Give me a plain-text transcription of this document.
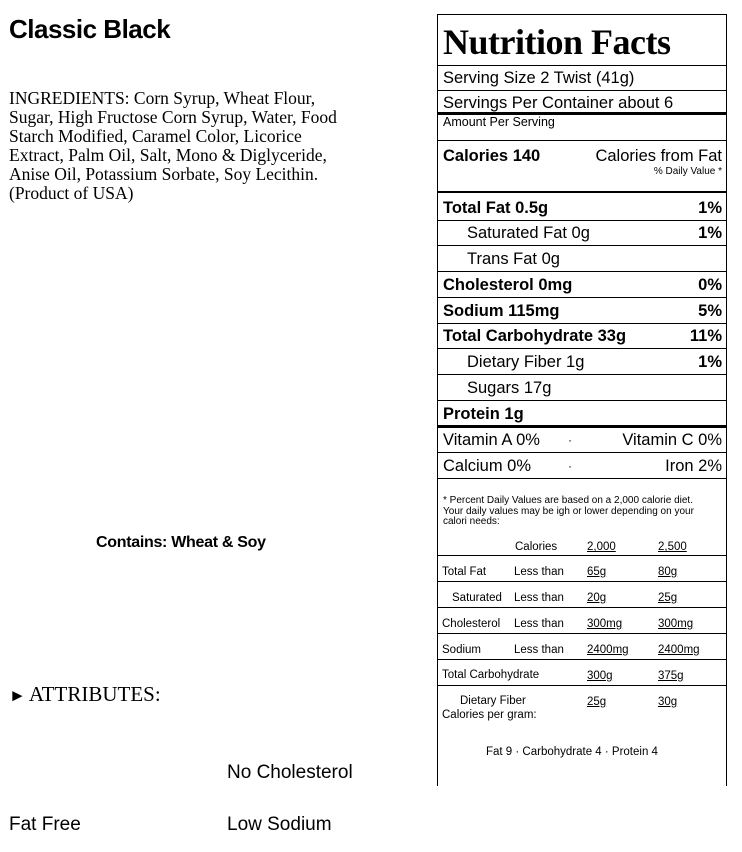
Classic Black
INGREDIENTS: Corn Syrup, Wheat Flour, Sugar, High Fructose Corn Syrup, Water, Food Starch Modified, Caramel Color, Licorice Extract, Palm Oil, Salt, Mono & Diglyceride, Anise Oil, Potassium Sorbate, Soy Lecithin. (Product of USA)
Contains: Wheat & Soy
► ATTRIBUTES:
No Cholesterol
Fat Free	Low Sodium
Nutrition Facts
Serving Size 2 Twist (41g)
Servings Per Container about 6
Amount Per Serving
Calories 140	Calories from Fat
% Daily Value *
Total Fat 0.5g	1%
Saturated Fat 0g	1%
Trans Fat 0g
Cholesterol 0mg	0%
Sodium 115mg	5%
Total Carbohydrate 33g	11%
Dietary Fiber 1g	1%
Sugars 17g
Protein 1g
Vitamin A 0% ·	Vitamin C 0%
Calcium 0%	·	Iron 2%
* Percent Daily Values are based on a 2,000 calorie diet.
Your daily values may be igh or lower depending on your
calori needs:
Calories	2,000	2,500
Total Fat Less than 65g	80g
Saturated Less than 20g	25g
Cholesterol Less than 300mg	300mg
Sodium	Less than 2400mg	2400mg
Total Carbohydrate	300g	375g
Dietary Fiber	25g	30g
Calories per gram:
Fat 9 · Carbohydrate 4 · Protein 4
